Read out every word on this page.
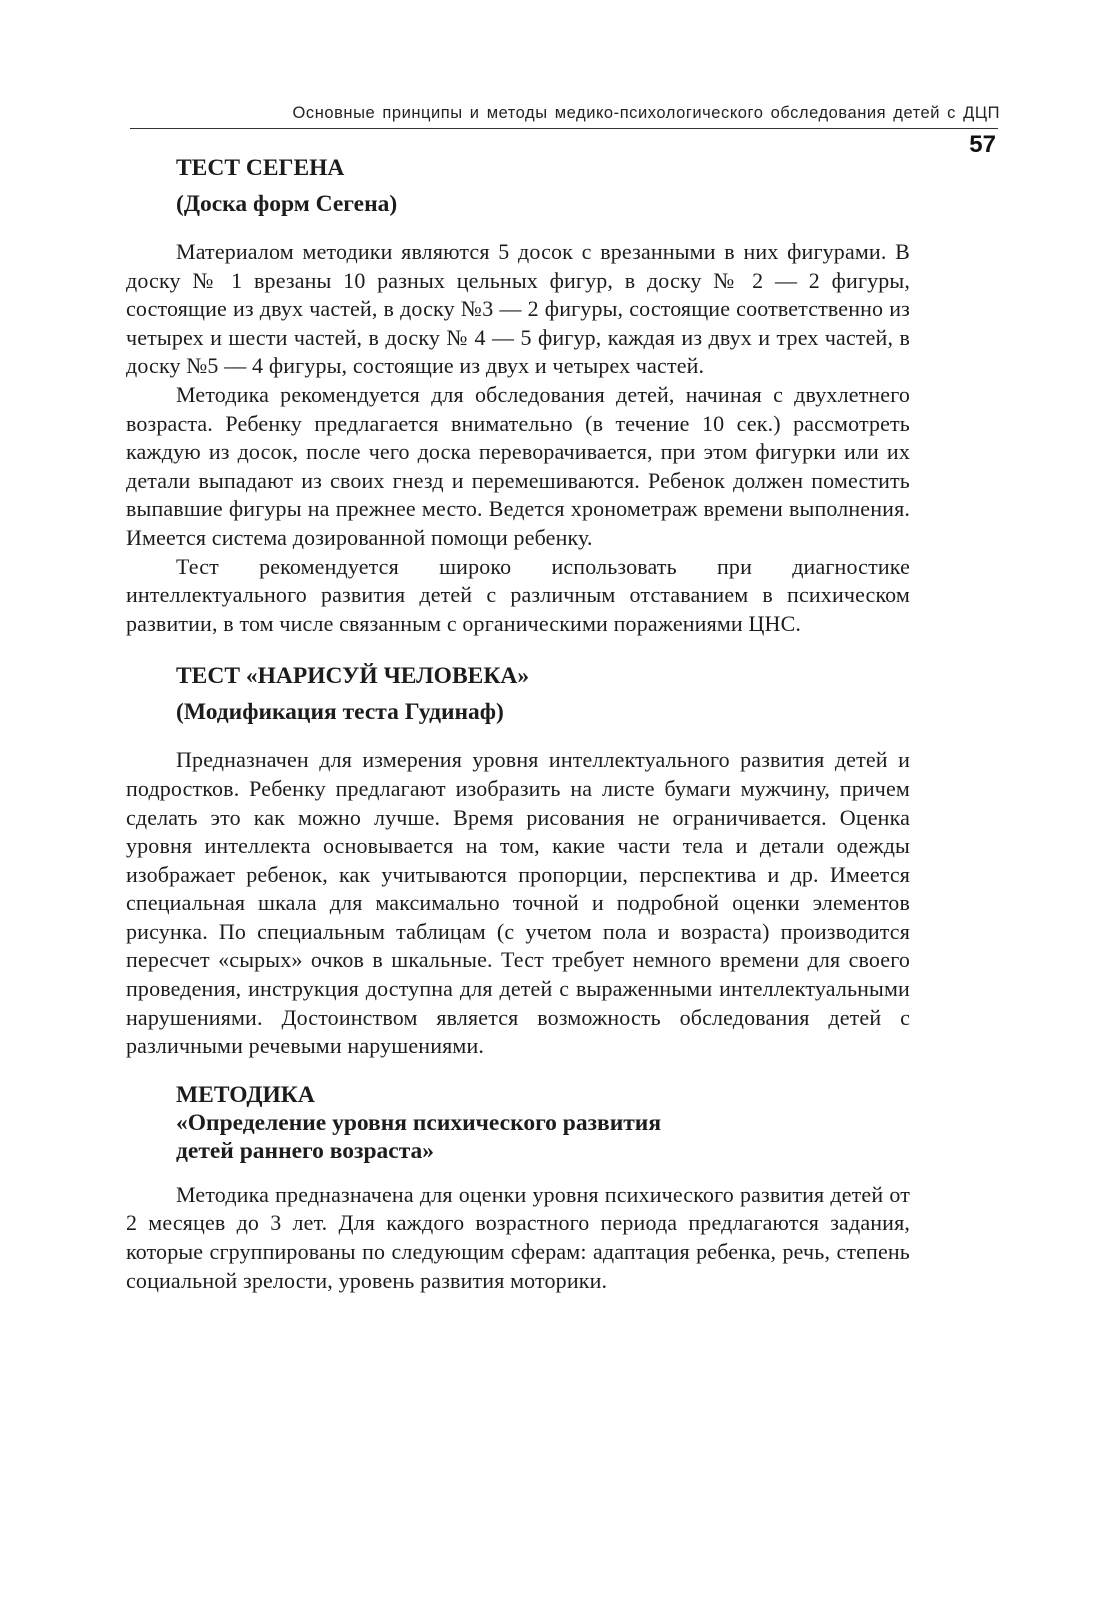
Основные принципы и методы медико-психологического обследования детей с ДЦП
57
ТЕСТ СЕГЕНА
(Доска форм Сегена)

Материалом методики являются 5 досок с врезанными в них фигурами. В доску № 1 врезаны 10 разных цельных фигур, в доску № 2 — 2 фигуры, состоящие из двух частей, в доску №3 — 2 фигуры, состоящие соответственно из четырех и шести частей, в доску № 4 — 5 фигур, каждая из двух и трех частей, в доску №5 — 4 фигуры, состоящие из двух и четырех частей.

Методика рекомендуется для обследования детей, начиная с двухлетнего возраста. Ребенку предлагается внимательно (в течение 10 сек.) рассмотреть каждую из досок, после чего доска переворачивается, при этом фигурки или их детали выпадают из своих гнезд и перемешиваются. Ребенок должен поместить выпавшие фигуры на прежнее место. Ведется хронометраж времени выполнения. Имеется система дозированной помощи ребенку.

Тест рекомендуется широко использовать при диагностике интеллектуального развития детей с различным отставанием в психическом развитии, в том числе связанным с органическими поражениями ЦНС.

ТЕСТ «НАРИСУЙ ЧЕЛОВЕКА»
(Модификация теста Гудинаф)

Предназначен для измерения уровня интеллектуального развития детей и подростков. Ребенку предлагают изобразить на листе бумаги мужчину, причем сделать это как можно лучше. Время рисования не ограничивается. Оценка уровня интеллекта основывается на том, какие части тела и детали одежды изображает ребенок, как учитываются пропорции, перспектива и др. Имеется специальная шкала для максимально точной и подробной оценки элементов рисунка. По специальным таблицам (с учетом пола и возраста) производится пересчет «сырых» очков в шкальные. Тест требует немного времени для своего проведения, инструкция доступна для детей с выраженными интеллектуальными нарушениями. Достоинством является возможность обследования детей с различными речевыми нарушениями.

МЕТОДИКА
«Определение уровня психического развития
детей раннего возраста»

Методика предназначена для оценки уровня психического развития детей от 2 месяцев до 3 лет. Для каждого возрастного периода предлагаются задания, которые сгруппированы по следующим сферам: адаптация ребенка, речь, степень социальной зрелости, уровень развития моторики.
